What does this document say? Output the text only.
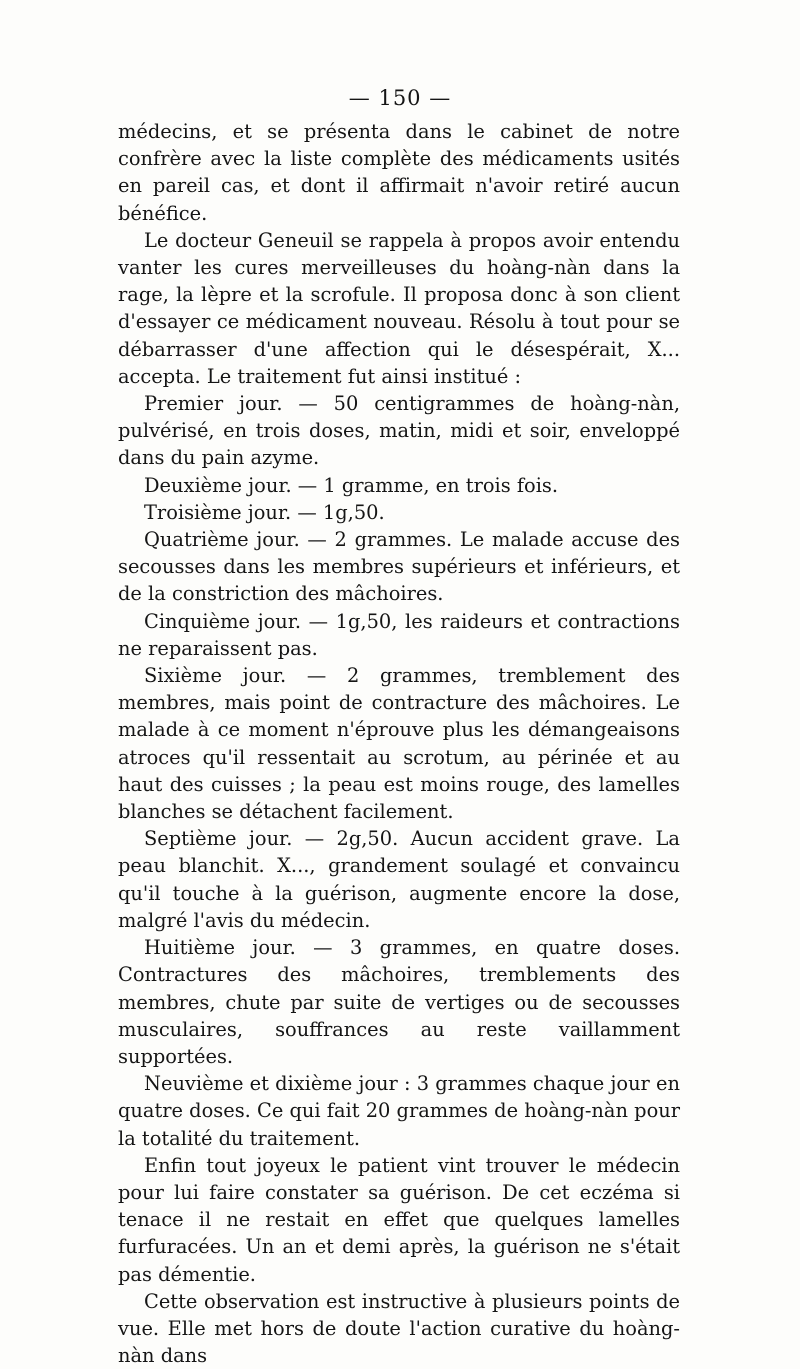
— 150 —

médecins, et se présenta dans le cabinet de notre confrère avec la liste complète des médicaments usités en pareil cas, et dont il affirmait n'avoir retiré aucun bénéfice.

Le docteur Geneuil se rappela à propos avoir entendu vanter les cures merveilleuses du hoàng-nàn dans la rage, la lèpre et la scrofule. Il proposa donc à son client d'essayer ce médicament nouveau. Résolu à tout pour se débarrasser d'une affection qui le désespérait, X... accepta. Le traitement fut ainsi institué :

Premier jour. — 50 centigrammes de hoàng-nàn, pulvérisé, en trois doses, matin, midi et soir, enveloppé dans du pain azyme.

Deuxième jour. — 1 gramme, en trois fois.

Troisième jour. — 1g,50.

Quatrième jour. — 2 grammes. Le malade accuse des secousses dans les membres supérieurs et inférieurs, et de la constriction des mâchoires.

Cinquième jour. — 1g,50, les raideurs et contractions ne reparaissent pas.

Sixième jour. — 2 grammes, tremblement des membres, mais point de contracture des mâchoires. Le malade à ce moment n'éprouve plus les démangeaisons atroces qu'il ressentait au scrotum, au périnée et au haut des cuisses ; la peau est moins rouge, des lamelles blanches se détachent facilement.

Septième jour. — 2g,50. Aucun accident grave. La peau blanchit. X..., grandement soulagé et convaincu qu'il touche à la guérison, augmente encore la dose, malgré l'avis du médecin.

Huitième jour. — 3 grammes, en quatre doses. Contractures des mâchoires, tremblements des membres, chute par suite de vertiges ou de secousses musculaires, souffrances au reste vaillamment supportées.

Neuvième et dixième jour : 3 grammes chaque jour en quatre doses. Ce qui fait 20 grammes de hoàng-nàn pour la totalité du traitement.

Enfin tout joyeux le patient vint trouver le médecin pour lui faire constater sa guérison. De cet eczéma si tenace il ne restait en effet que quelques lamelles furfuracées. Un an et demi après, la guérison ne s'était pas démentie.

Cette observation est instructive à plusieurs points de vue. Elle met hors de doute l'action curative du hoàng-nàn dans
